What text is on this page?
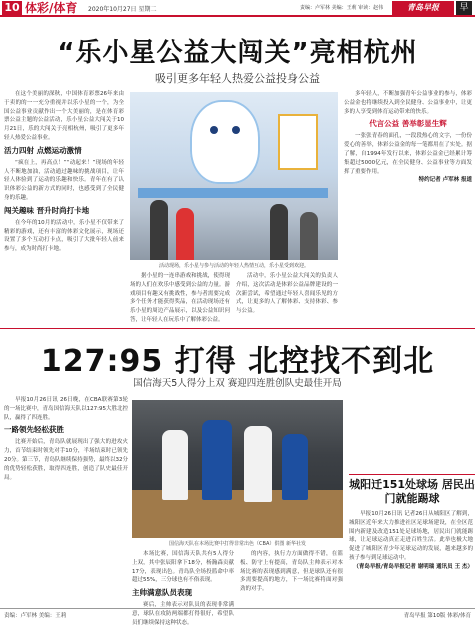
10 体彩/体育 2020年10月27日 星期二	责编：卢军林 美编：王莉 审读：赵伟	青岛早报	早
“乐小星公益大闯关”亮相杭州
吸引更多年轻人热爱公益投身公益

在这个美丽的深秋，中国体育彩票26年来由于卖的的一一充分重视并以乐小星的一个，为全国公益事业贡献作出一个大美丽的，是在体育彩票公益主题的公益活动，乐小星公益大闯关于10月21日，乐的大闯关于亮相杭州，吸引了更多年轻人热爱公益事业。

活力四射 点燃运动激情

“疯在上，再高点！”“动起来！”现场的年轻人不断地加油，活动通过趣味的挑战项目，让年轻人体验到了运动的乐趣和快乐。青年在有了认识体彩公益的新方式的同时，也感受到了全民健身的乐趣。

闯关趣味 晋升时尚打卡地

在今年的10月的活动中，乐小星不仅带来了精彩的游戏，还有丰富的体彩文化展示，现场还设置了多个互动打卡点，吸引了大批年轻人前来参与，成为时尚打卡地。

活动现场，乐小星与参与活动的年轻人热情互动，乐小星受到欢迎。

据小星的一连串游戏和挑战，使得现场的人们在欢乐中感受到公益的力量。游戏项目有趣又有挑战性，参与者需要完成多个任务才能获得奖品，在活动现场还有乐小星的周边产品展示，以及公益知识问答，让年轻人在玩乐中了解体彩公益。

活动中，乐小星公益大闯关的负责人介绍，这次活动是体彩公益品牌建设的一次新尝试，希望通过年轻人喜闻乐见的方式，让更多的人了解体彩、支持体彩、参与公益。

多年轻人，不断加强青年公益事业的参与，体彩公益金也将继续投入到全民健身、公益事业中，让更多的人享受到体育运动带来的快乐。

代言公益 善举彰显生辉

一张张青春的面孔，一段段热心的文字，一份份爱心的善举，体彩公益金的每一笔都用在了实处。据了解，自1994年发行以来，体彩公益金已经累计筹集超过5000亿元，在全民健身、公益事业等方面发挥了重要作用。

特约记者 卢军林 报道

127:95 打得 北控找不到北
国信海天5人得分上双 赛迎四连胜创队史最佳开局

早报10月26日讯 26日晚，在CBA联赛第3轮的一场比赛中，青岛国信海天队以127:95大胜北控队，赢得了四连胜。

一路领先轻松获胜

比赛开始后，青岛队就展现出了强大的进攻火力，首节结束时领先对手10分，半场结束时已领先20分。第三节，青岛队继续保持强势，最终以32分的优势轻松获胜，取得四连胜，创造了队史最佳开局。

国信海天队在本场比赛中打得非常出色（CBA）供图 新华社发

本场比赛，国信海天队共有5人得分上双，其中张辰阳拿下18分，杨瀚森贡献17分，表现出色。青岛队全场投篮命中率超过55%，三分球也有不俗表现。

主帅满意队员表现

赛后，主帅表示对队员的表现非常满意，球队在攻防两端都打得很好，希望队员们继续保持这种状态。

的内容，执行力方面做得不错，在篮板、防守上有提高，青岛队主帅表示对本场比赛的表现感到满意，但是球队还有很多需要提高的地方，下一场比赛将面对强劲的对手。

城阳迁151处球场 居民出门就能踢球

早报10月26日讯 记者26日从城阳区了解到，城阳区近年来大力推进社区足球场建设，在全区范围内新建及改造151处足球场地，居民出门就能踢球，让足球运动真正走进百姓生活。此举也极大地促进了城阳区青少年足球运动的发展，越来越多的孩子参与到足球运动中。

（青岛早报/青岛早报记者 谢明瑞 通讯员 王 杰）

责编：卢军林 美编：王莉	青岛早报 第10版 体彩/体育
